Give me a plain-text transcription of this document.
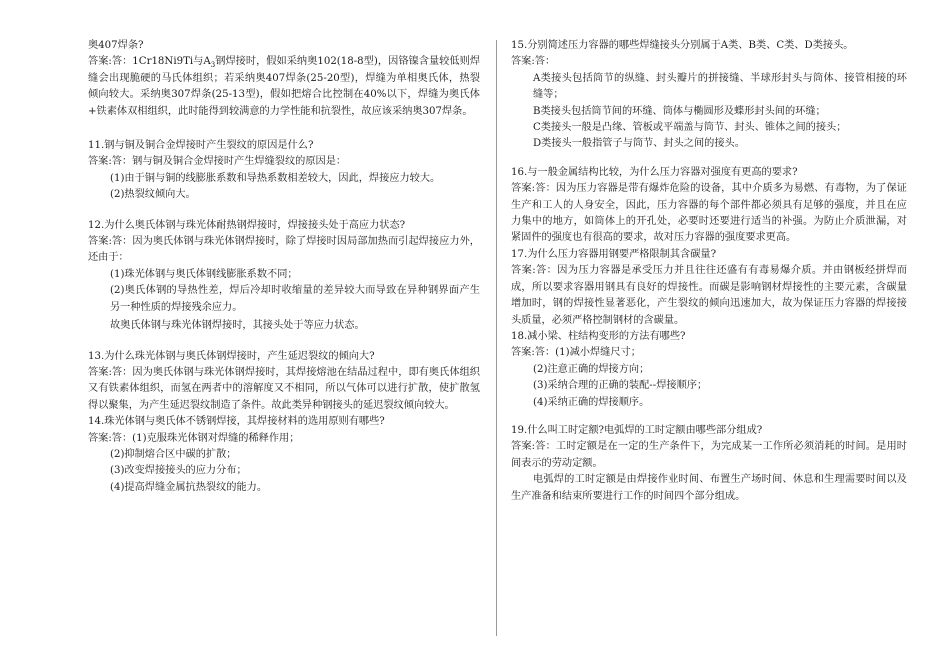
奥407焊条?

答案:答：1Cr18Ni9Ti与$A_3$钢焊接时，假如采纳奥102(18-8型)，因铬镍含量较低则焊缝会出现脆硬的马氏体组织；若采纳奥407焊条(25-20型)，焊缝为单相奥氏体，热裂倾向较大。采纳奥307焊条(25-13型)，假如把熔合比控制在40%以下，焊缝为奥氏体+铁素体双相组织，此时能得到较满意的力学性能和抗裂性，故应该采纳奥307焊条。

11.钢与铜及铜合金焊接时产生裂纹的原因是什么?

答案:答：钢与铜及铜合金焊接时产生焊缝裂纹的原因是：

(1)由于铜与铜的线膨胀系数和导热系数相差较大，因此，焊接应力较大。

(2)热裂纹倾向大。

12.为什么奥氏体钢与珠光体耐热钢焊接时，焊接接头处于高应力状态?

答案:答：因为奥氏体钢与珠光体钢焊接时，除了焊接时因局部加热而引起焊接应力外，还由于：

(1)珠光体钢与奥氏体钢线膨胀系数不同；

(2)奥氏体钢的导热性差，焊后冷却时收缩量的差异较大而导致在异种钢界面产生另一种性质的焊接残余应力。

故奥氏体钢与珠光体钢焊接时，其接头处于等应力状态。

13.为什么珠光体钢与奥氏体钢焊接时，产生延迟裂纹的倾向大?

答案:答：因为奥氏体钢与珠光体钢焊接时，其焊接熔池在结晶过程中，即有奥氏体组织又有铁素体组织，而氢在两者中的溶解度又不相同，所以气体可以进行扩散，使扩散氢得以聚集，为产生延迟裂纹制造了条件。故此类异种钢接头的延迟裂纹倾向较大。

14.珠光体钢与奥氏体不锈钢焊接，其焊接材料的选用原则有哪些?

答案:答：(1)克服珠光体钢对焊缝的稀释作用；

(2)抑制熔合区中碳的扩散；

(3)改变焊接接头的应力分布；

(4)提高焊缝金属抗热裂纹的能力。

15.分别简述压力容器的哪些焊缝接头分别属于A类、B类、C类、D类接头。

答案:答：

A类接头包括筒节的纵缝、封头瓣片的拼接缝、半球形封头与筒体、接管相接的环缝等；

B类接头包括筒节间的环缝、筒体与椭圆形及蝶形封头间的环缝；

C类接头一般是凸缘、管板或平端盖与筒节、封头、锥体之间的接头；

D类接头一般指管子与筒节、封头之间的接头。

16.与一般金属结构比较，为什么压力容器对强度有更高的要求?

答案:答：因为压力容器是带有爆炸危险的设备，其中介质多为易燃、有毒物，为了保证生产和工人的人身安全，因此，压力容器的每个部件都必须具有足够的强度，并且在应力集中的地方，如筒体上的开孔处，必要时还要进行适当的补强。为防止介质泄漏，对紧固件的强度也有很高的要求，故对压力容器的强度要求更高。

17.为什么压力容器用钢要严格限制其含碳量?

答案:答：因为压力容器是承受压力并且往往还盛有有毒易爆介质。并由钢板经拼焊而成，所以要求容器用钢具有良好的焊接性。而碳是影响钢材焊接性的主要元素，含碳量增加时，钢的焊接性显著恶化，产生裂纹的倾向迅速加大，故为保证压力容器的焊接接头质量，必须严格控制钢材的含碳量。

18.减小梁、柱结构变形的方法有哪些?

答案:答：(1)减小焊缝尺寸；

(2)注意正确的焊接方向；

(3)采纳合理的正确的装配--焊接顺序；

(4)采纳正确的焊接顺序。

19.什么叫工时定额?电弧焊的工时定额由哪些部分组成?

答案:答：工时定额是在一定的生产条件下，为完成某一工作所必须消耗的时间。是用时间表示的劳动定额。

电弧焊的工时定额是由焊接作业时间、布置生产场时间、休息和生理需要时间以及生产准备和结束所要进行工作的时间四个部分组成。
